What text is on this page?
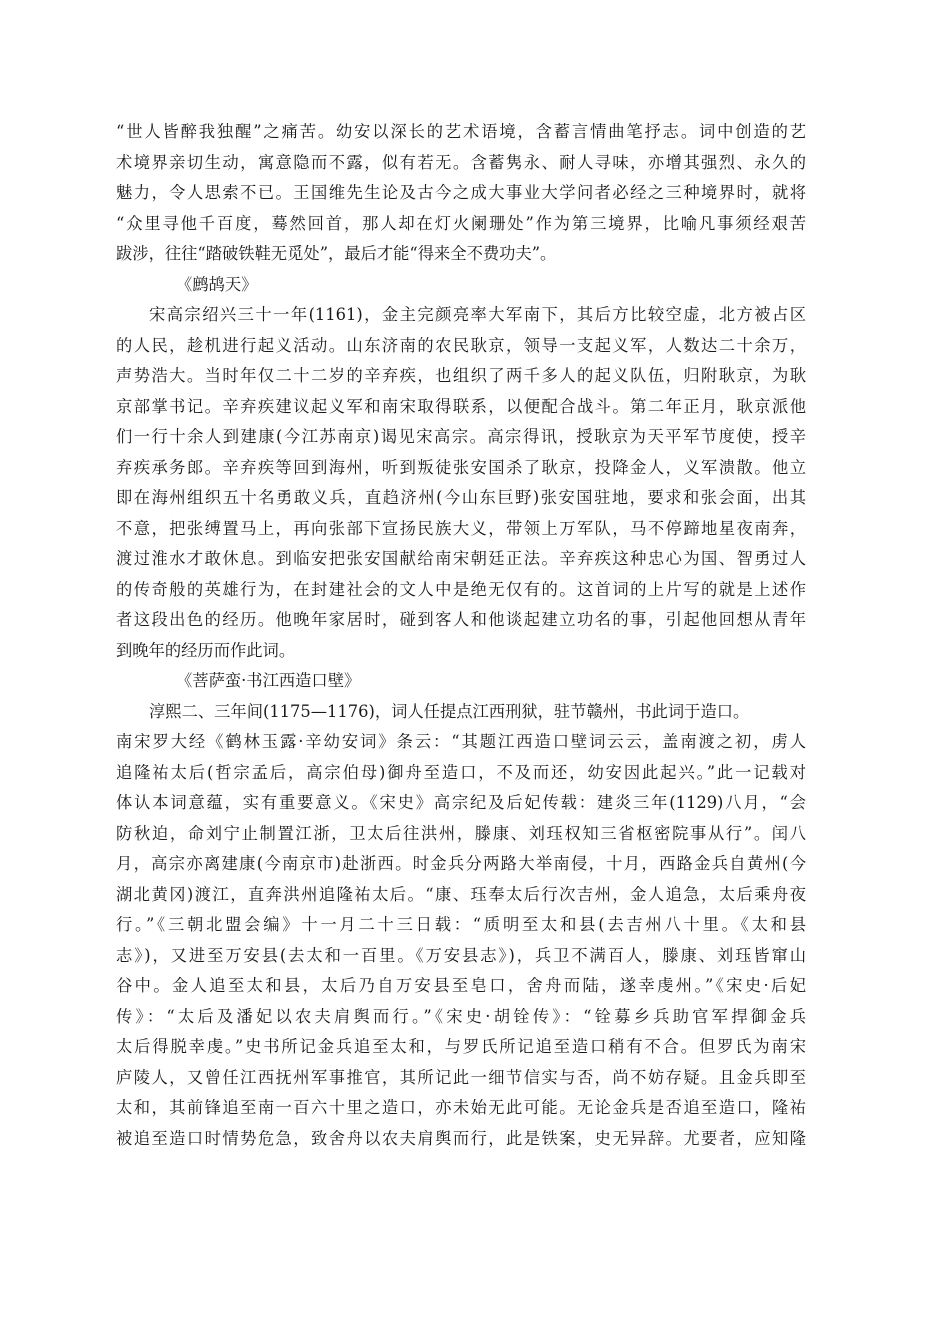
“世人皆醉我独醒”之痛苦。幼安以深长的艺术语境，含蓄言情曲笔抒志。词中创造的艺
术境界亲切生动，寓意隐而不露，似有若无。含蓄隽永、耐人寻味，亦增其强烈、永久的
魅力，令人思索不已。王国维先生论及古今之成大事业大学问者必经之三种境界时，就将
“众里寻他千百度，蓦然回首，那人却在灯火阑珊处”作为第三境界，比喻凡事须经艰苦
跋涉，往往“踏破铁鞋无觅处”，最后才能“得来全不费功夫”。
《鹧鸪天》
宋高宗绍兴三十一年(1161)，金主完颜亮率大军南下，其后方比较空虚，北方被占区
的人民，趁机进行起义活动。山东济南的农民耿京，领导一支起义军，人数达二十余万，
声势浩大。当时年仅二十二岁的辛弃疾，也组织了两千多人的起义队伍，归附耿京，为耿
京部掌书记。辛弃疾建议起义军和南宋取得联系，以便配合战斗。第二年正月，耿京派他
们一行十余人到建康(今江苏南京)谒见宋高宗。高宗得讯，授耿京为天平军节度使，授辛
弃疾承务郎。辛弃疾等回到海州，听到叛徒张安国杀了耿京，投降金人，义军溃散。他立
即在海州组织五十名勇敢义兵，直趋济州(今山东巨野)张安国驻地，要求和张会面，出其
不意，把张缚置马上，再向张部下宣扬民族大义，带领上万军队，马不停蹄地星夜南奔，
渡过淮水才敢休息。到临安把张安国献给南宋朝廷正法。辛弃疾这种忠心为国、智勇过人
的传奇般的英雄行为，在封建社会的文人中是绝无仅有的。这首词的上片写的就是上述作
者这段出色的经历。他晚年家居时，碰到客人和他谈起建立功名的事，引起他回想从青年
到晚年的经历而作此词。
《菩萨蛮·书江西造口壁》
淳熙二、三年间(1175—1176)，词人任提点江西刑狱，驻节赣州，书此词于造口。
南宋罗大经《鹤林玉露·辛幼安词》条云：“其题江西造口壁词云云，盖南渡之初，虏人
追隆祐太后(哲宗孟后，高宗伯母)御舟至造口，不及而还，幼安因此起兴。”此一记载对
体认本词意蕴，实有重要意义。《宋史》高宗纪及后妃传载：建炎三年(1129)八月，“会
防秋迫，命刘宁止制置江浙，卫太后往洪州，滕康、刘珏权知三省枢密院事从行”。闰八
月，高宗亦离建康(今南京市)赴浙西。时金兵分两路大举南侵，十月，西路金兵自黄州(今
湖北黄冈)渡江，直奔洪州追隆祐太后。“康、珏奉太后行次吉州，金人追急，太后乘舟夜
行。”《三朝北盟会编》十一月二十三日载：“质明至太和县(去吉州八十里。《太和县
志》)，又进至万安县(去太和一百里。《万安县志》)，兵卫不满百人，滕康、刘珏皆窜山
谷中。金人追至太和县，太后乃自万安县至皂口，舍舟而陆，遂幸虔州。”《宋史·后妃
传》：“太后及潘妃以农夫肩舆而行。”《宋史·胡铨传》：“铨募乡兵助官军捍御金兵
太后得脱幸虔。”史书所记金兵追至太和，与罗氏所记追至造口稍有不合。但罗氏为南宋
庐陵人，又曾任江西抚州军事推官，其所记此一细节信实与否，尚不妨存疑。且金兵即至
太和，其前锋追至南一百六十里之造口，亦未始无此可能。无论金兵是否追至造口，隆祐
被追至造口时情势危急，致舍舟以农夫肩舆而行，此是铁案，史无异辞。尤要者，应知隆
